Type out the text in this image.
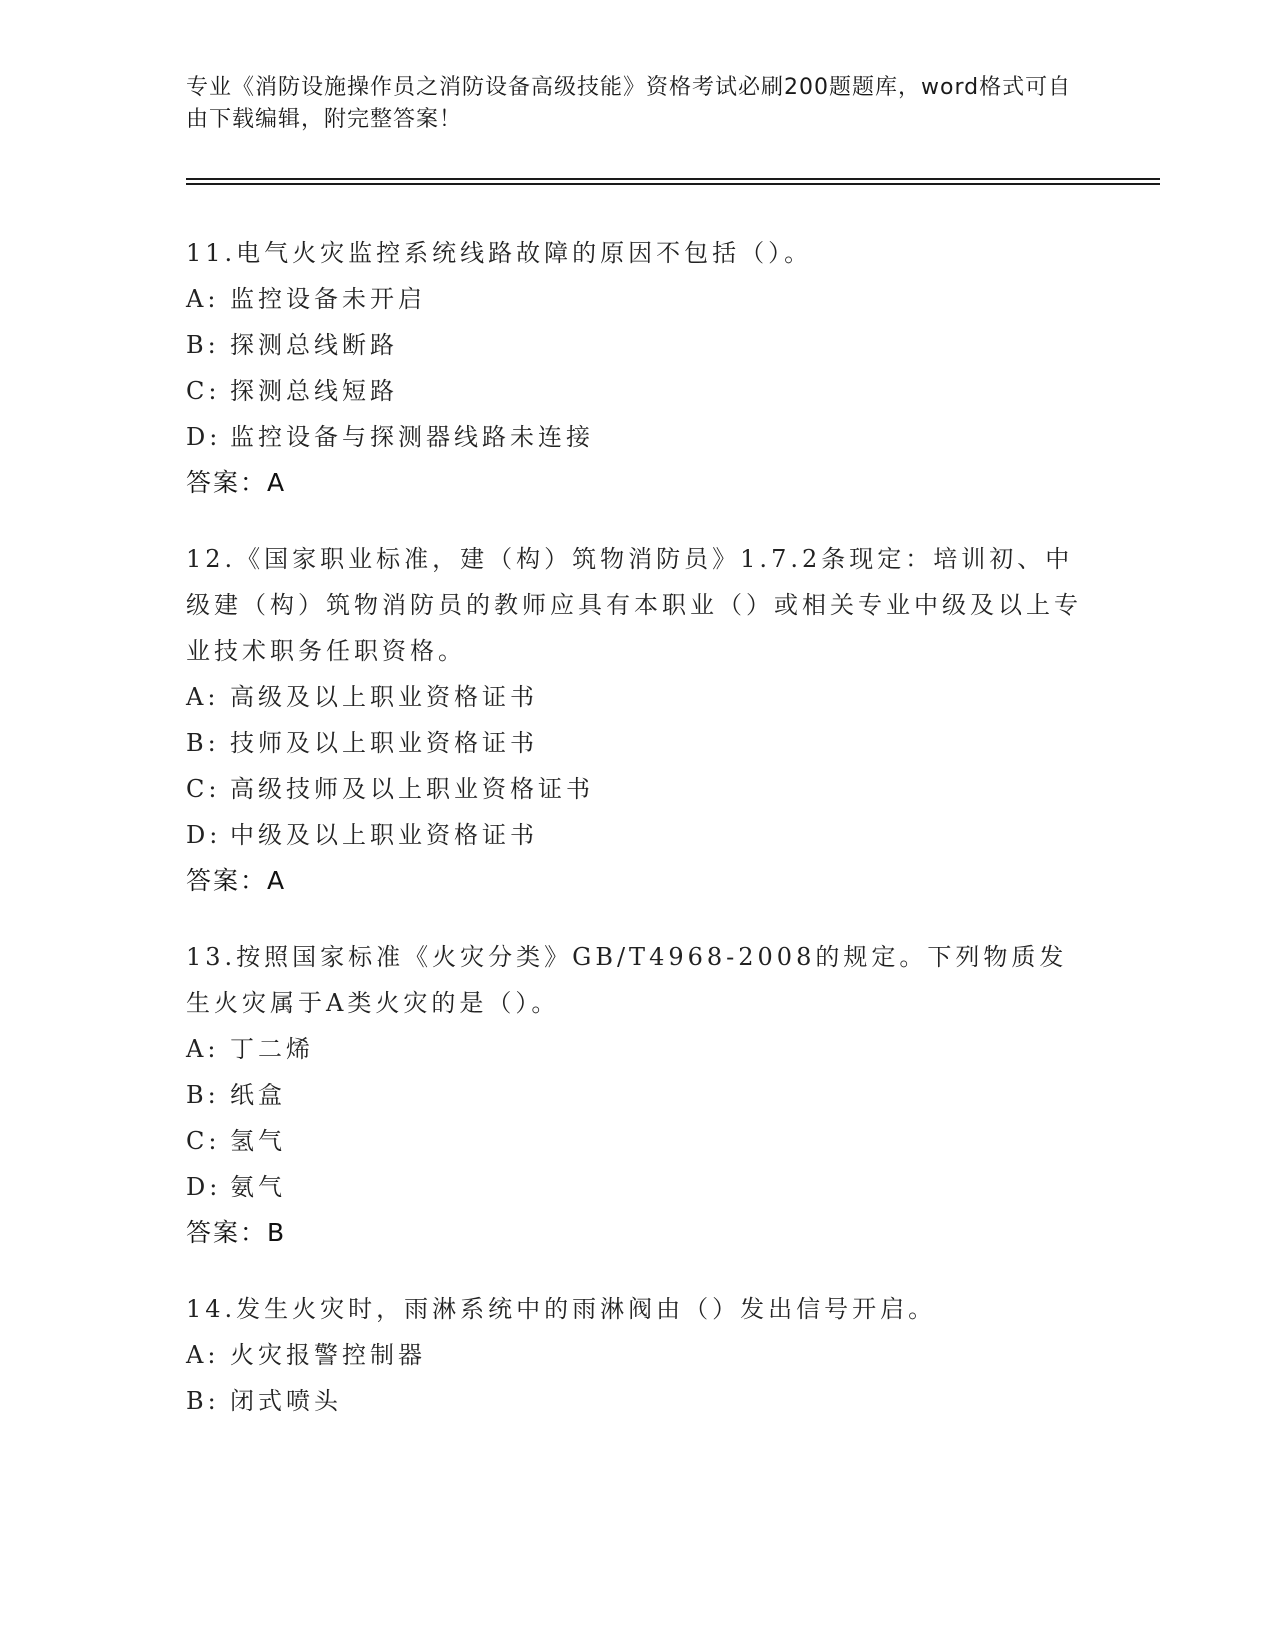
专业《消防设施操作员之消防设备高级技能》资格考试必刷200题题库，word格式可自由下载编辑，附完整答案！
11.电气火灾监控系统线路故障的原因不包括（）。
A: 监控设备未开启
B: 探测总线断路
C: 探测总线短路
D: 监控设备与探测器线路未连接
答案：A
12.《国家职业标准，建（构）筑物消防员》1.7.2条现定：培训初、中级建（构）筑物消防员的教师应具有本职业（）或相关专业中级及以上专业技术职务任职资格。
A: 高级及以上职业资格证书
B: 技师及以上职业资格证书
C: 高级技师及以上职业资格证书
D: 中级及以上职业资格证书
答案：A
13.按照国家标准《火灾分类》GB/T4968-2008的规定。下列物质发生火灾属于A类火灾的是（）。
A: 丁二烯
B: 纸盒
C: 氢气
D: 氨气
答案：B
14.发生火灾时，雨淋系统中的雨淋阀由（）发出信号开启。
A: 火灾报警控制器
B: 闭式喷头
